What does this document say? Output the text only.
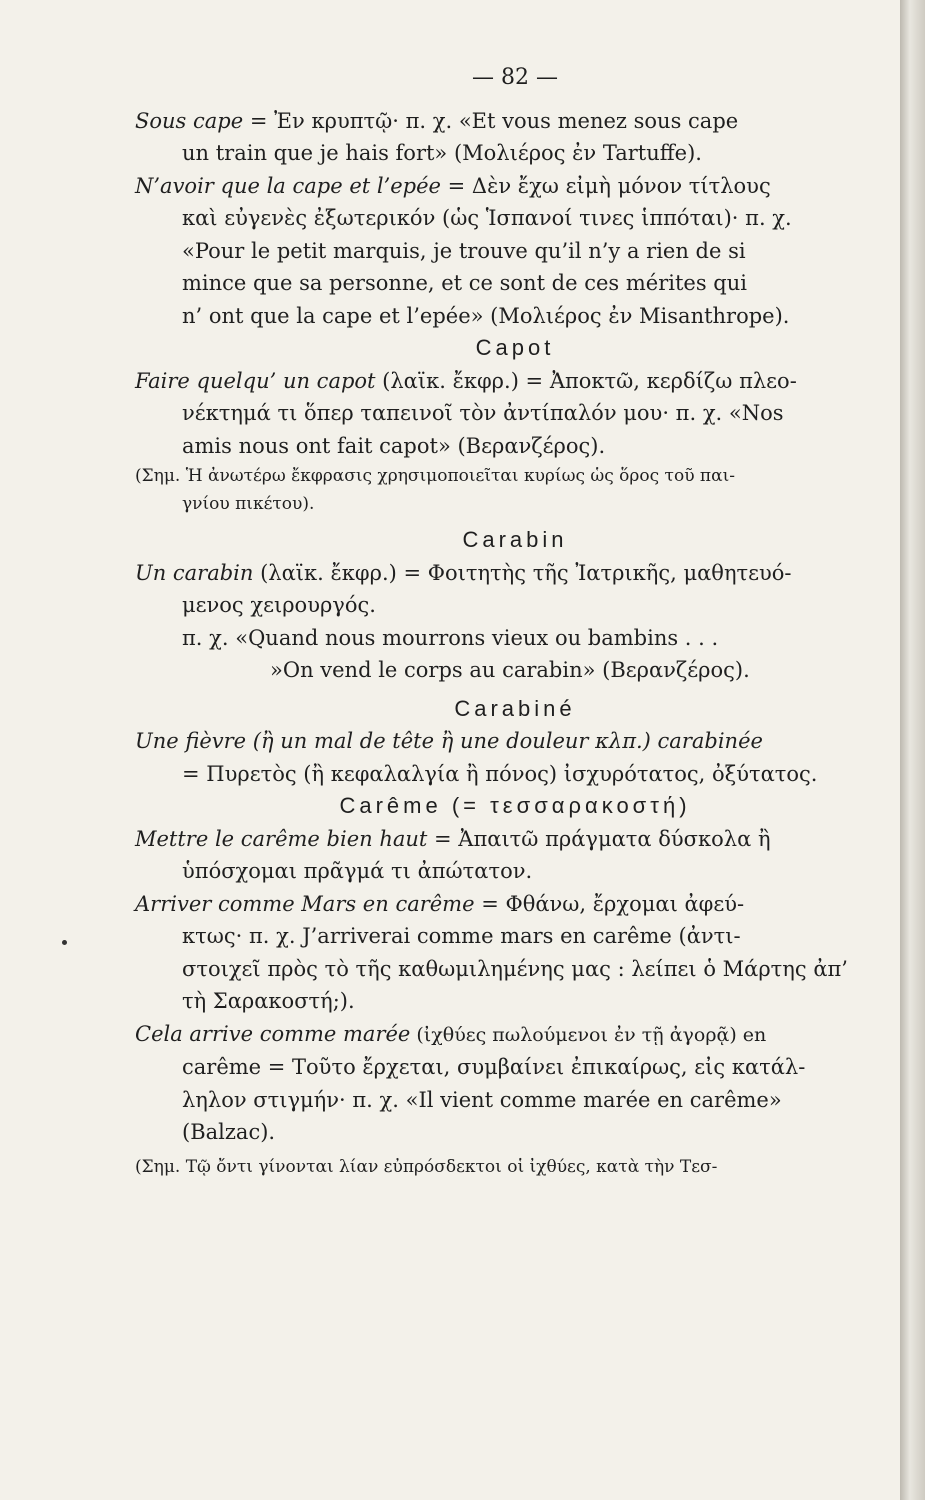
— 82 —
Sous cape = Ἐν κρυπτῷ· π. χ. «Et vous menez sous cape
un train que je hais fort» (Μολιέρος ἐν Tartuffe).
N’avoir que la cape et l’epée = Δὲν ἔχω εἰμὴ μόνον τίτλους
καὶ εὐγενὲς ἐξωτερικόν (ὡς Ἱσπανοί τινες ἱππόται)· π. χ.
«Pour le petit marquis, je trouve qu’il n’y a rien de si
mince que sa personne, et ce sont de ces mérites qui
n’ ont que la cape et l’epée» (Μολιέρος ἐν Misanthrope).
Capot
Faire quelqu’ un capot (λαϊκ. ἔκφρ.) = Ἀποκτῶ, κερδίζω πλεο-
νέκτημά τι ὅπερ ταπεινοῖ τὸν ἀντίπαλόν μου· π. χ. «Nos
amis nous ont fait capot» (Βερανζέρος).
(Σημ. Ἡ ἀνωτέρω ἔκφρασις χρησιμοποιεῖται κυρίως ὡς ὅρος τοῦ παι-
γνίου πικέτου).
Carabin
Un carabin (λαϊκ. ἔκφρ.) = Φοιτητὴς τῆς Ἰατρικῆς, μαθητευό-
μενος χειρουργός.
π. χ. «Quand nous mourrons vieux ou bambins . . .
»On vend le corps au carabin» (Βερανζέρος).
Carabiné
Une fièvre (ἢ un mal de tête ἢ une douleur κλπ.) carabinée
= Πυρετὸς (ἢ κεφαλαλγία ἢ πόνος) ἰσχυρότατος, ὀξύτατος.
Carême (= τεσσαρακοστή)
Mettre le carême bien haut = Ἀπαιτῶ πράγματα δύσκολα ἢ
ὑπόσχομαι πρᾶγμά τι ἀπώτατον.
Arriver comme Mars en carême = Φθάνω, ἔρχομαι ἀφεύ-
κτως· π. χ. J’arriverai comme mars en carême (ἀντι-
στοιχεῖ πρὸς τὸ τῆς καθωμιλημένης μας : λείπει ὁ Μάρτης ἀπ’
τὴ Σαρακοστή;).
Cela arrive comme marée (ἰχθύες πωλούμενοι ἐν τῇ ἀγορᾷ) en
carême = Τοῦτο ἔρχεται, συμβαίνει ἐπικαίρως, εἰς κατάλ-
ληλον στιγμήν· π. χ. «Il vient comme marée en carême»
(Balzac).
(Σημ. Τῷ ὄντι γίνονται λίαν εὐπρόσδεκτοι οἱ ἰχθύες, κατὰ τὴν Τεσ-
